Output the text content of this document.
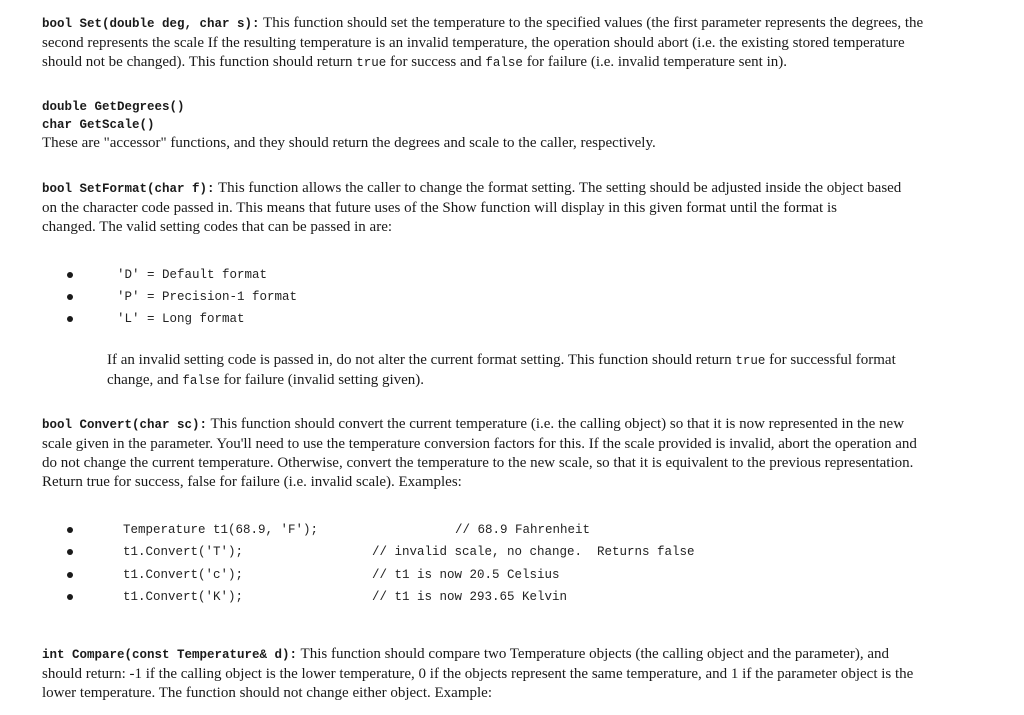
bool Set(double deg, char s): This function should set the temperature to the specified values (the first parameter represents the degrees, the
second represents the scale If the resulting temperature is an invalid temperature, the operation should abort (i.e. the existing stored temperature
should not be changed). This function should return true for success and false for failure (i.e. invalid temperature sent in).
double GetDegrees()
char GetScale()
These are "accessor" functions, and they should return the degrees and scale to the caller, respectively.
bool SetFormat(char f): This function allows the caller to change the format setting. The setting should be adjusted inside the object based
on the character code passed in. This means that future uses of the Show function will display in this given format until the format is
changed. The valid setting codes that can be passed in are:
'D' = Default format
'P' = Precision-1 format
'L' = Long format
If an invalid setting code is passed in, do not alter the current format setting. This function should return true for successful format
change, and false for failure (invalid setting given).
bool Convert(char sc): This function should convert the current temperature (i.e. the calling object) so that it is now represented in the new
scale given in the parameter. You'll need to use the temperature conversion factors for this. If the scale provided is invalid, abort the operation and
do not change the current temperature. Otherwise, convert the temperature to the new scale, so that it is equivalent to the previous representation.
Return true for success, false for failure (i.e. invalid scale). Examples:
Temperature t1(68.9, 'F');	// 68.9 Fahrenheit
t1.Convert('T');	// invalid scale, no change.  Returns false
t1.Convert('c');	// t1 is now 20.5 Celsius
t1.Convert('K');	// t1 is now 293.65 Kelvin
int Compare(const Temperature& d): This function should compare two Temperature objects (the calling object and the parameter), and
should return: -1 if the calling object is the lower temperature, 0 if the objects represent the same temperature, and 1 if the parameter object is the
lower temperature. The function should not change either object. Example:
